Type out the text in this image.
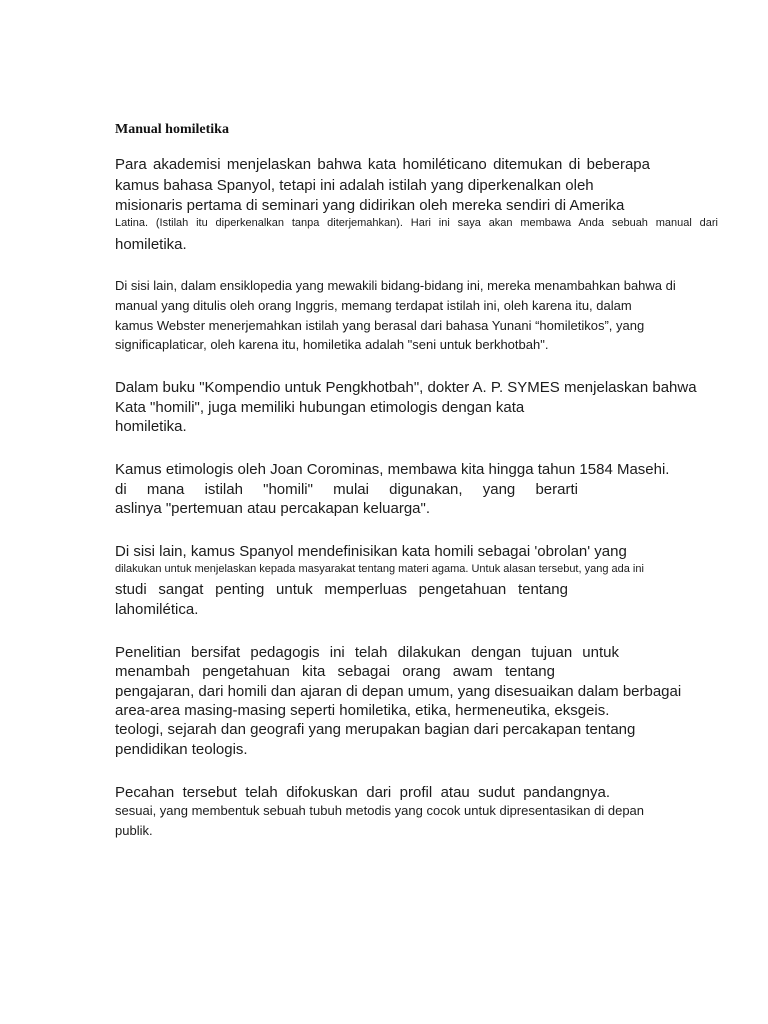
Manual homiletika
Para akademisi menjelaskan bahwa kata homiléticano ditemukan di beberapa
kamus bahasa Spanyol, tetapi ini adalah istilah yang diperkenalkan oleh
misionaris pertama di seminari yang didirikan oleh mereka sendiri di Amerika
Latina. (Istilah itu diperkenalkan tanpa diterjemahkan). Hari ini saya akan membawa Anda sebuah manual dari
homiletika.
Di sisi lain, dalam ensiklopedia yang mewakili bidang-bidang ini, mereka menambahkan bahwa di
manual yang ditulis oleh orang Inggris, memang terdapat istilah ini, oleh karena itu, dalam
kamus Webster menerjemahkan istilah yang berasal dari bahasa Yunani “homiletikos”, yang
significaplaticar, oleh karena itu, homiletika adalah "seni untuk berkhotbah".
Dalam buku "Kompendio untuk Pengkhotbah", dokter A. P. SYMES menjelaskan bahwa
Kata "homili", juga memiliki hubungan etimologis dengan kata
homiletika.
Kamus etimologis oleh Joan Corominas, membawa kita hingga tahun 1584 Masehi.
di mana istilah "homili" mulai digunakan, yang berarti
aslinya "pertemuan atau percakapan keluarga".
Di sisi lain, kamus Spanyol mendefinisikan kata homili sebagai 'obrolan' yang
dilakukan untuk menjelaskan kepada masyarakat tentang materi agama. Untuk alasan tersebut, yang ada ini
studi sangat penting untuk memperluas pengetahuan tentang
lahomilética.
Penelitian bersifat pedagogis ini telah dilakukan dengan tujuan untuk
menambah pengetahuan kita sebagai orang awam tentang
pengajaran, dari homili dan ajaran di depan umum, yang disesuaikan dalam berbagai
area-area masing-masing seperti homiletika, etika, hermeneutika, eksgeis.
teologi, sejarah dan geografi yang merupakan bagian dari percakapan tentang
pendidikan teologis.
Pecahan tersebut telah difokuskan dari profil atau sudut pandangnya.
sesuai, yang membentuk sebuah tubuh metodis yang cocok untuk dipresentasikan di depan
publik.
